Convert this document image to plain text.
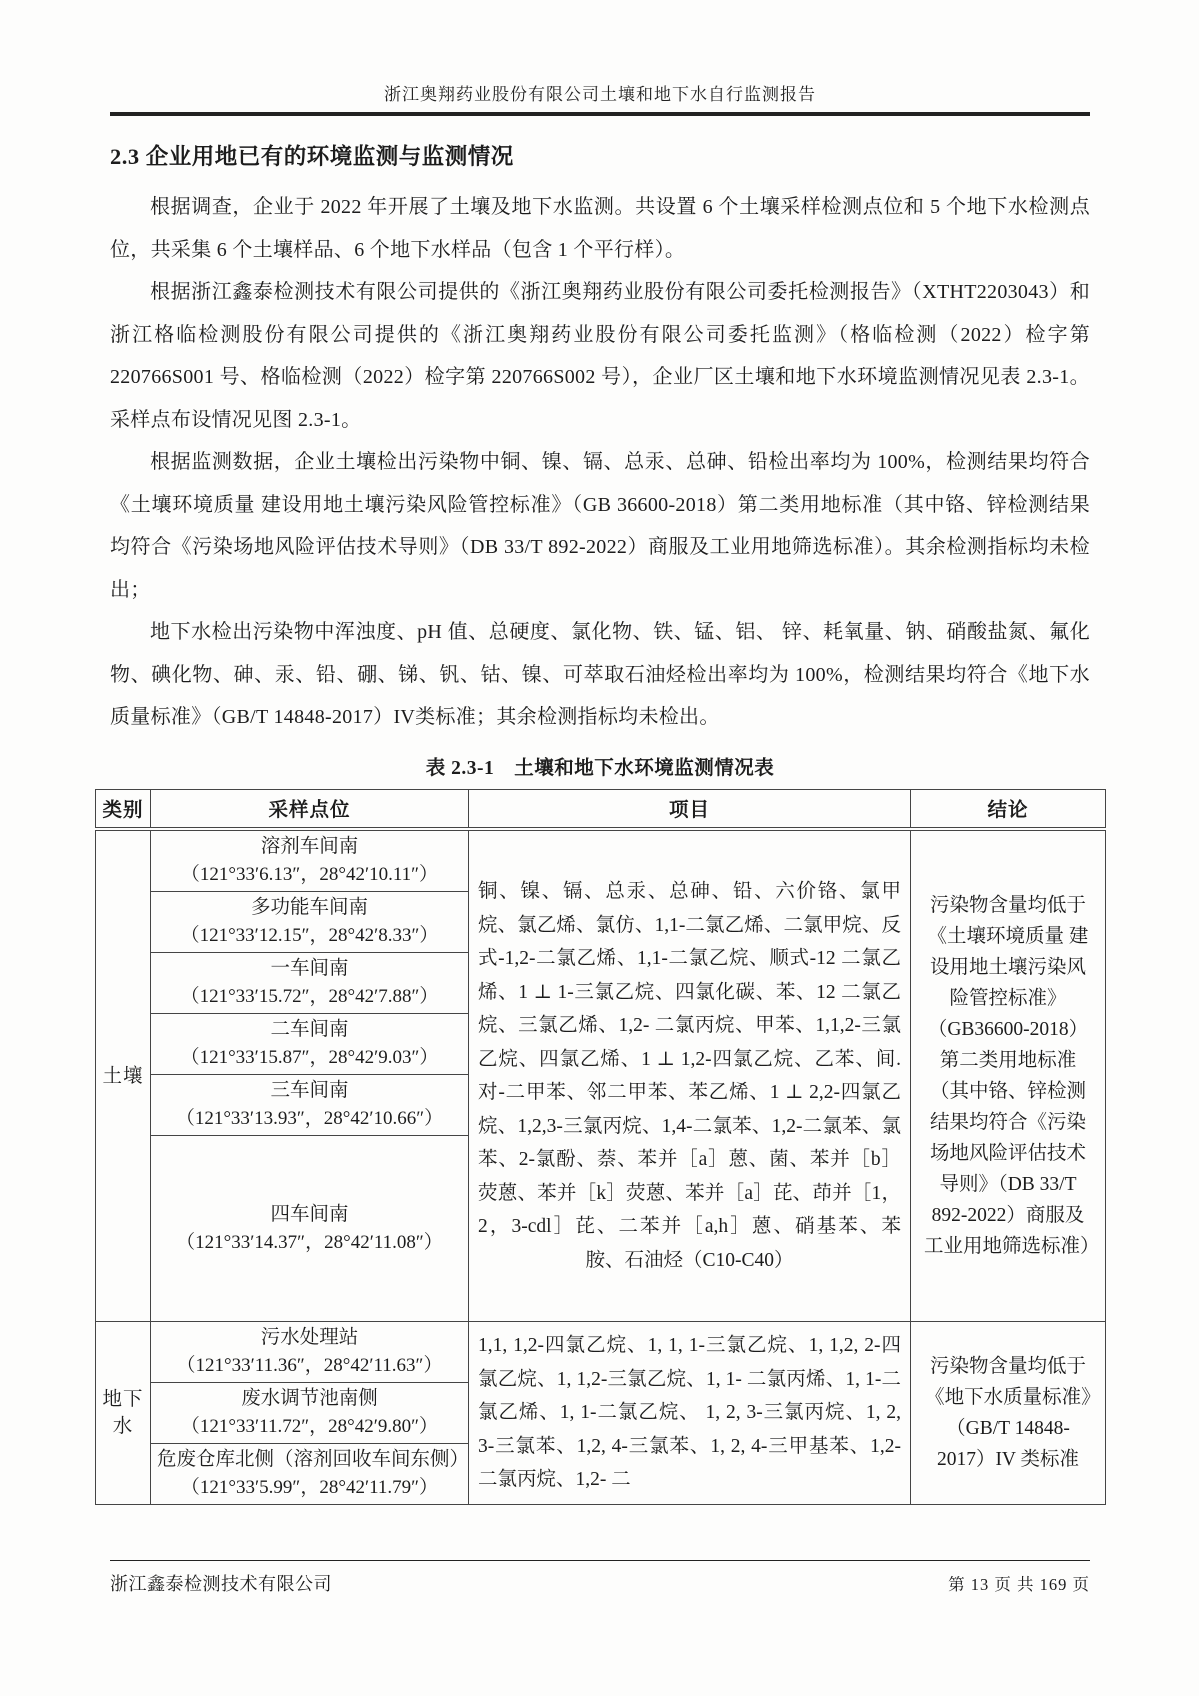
浙江奥翔药业股份有限公司土壤和地下水自行监测报告
2.3 企业用地已有的环境监测与监测情况

根据调查，企业于 2022 年开展了土壤及地下水监测。共设置 6 个土壤采样检测点位和 5 个地下水检测点位，共采集 6 个土壤样品、6 个地下水样品（包含 1 个平行样）。

根据浙江鑫泰检测技术有限公司提供的《浙江奥翔药业股份有限公司委托检测报告》（XTHT2203043）和浙江格临检测股份有限公司提供的《浙江奥翔药业股份有限公司委托监测》（格临检测（2022）检字第 220766S001 号、格临检测（2022）检字第 220766S002 号），企业厂区土壤和地下水环境监测情况见表 2.3-1。采样点布设情况见图 2.3-1。

根据监测数据，企业土壤检出污染物中铜、镍、镉、总汞、总砷、铅检出率均为 100%，检测结果均符合《土壤环境质量 建设用地土壤污染风险管控标准》（GB 36600-2018）第二类用地标准（其中铬、锌检测结果均符合《污染场地风险评估技术导则》（DB 33/T 892-2022）商服及工业用地筛选标准）。其余检测指标均未检出；

地下水检出污染物中浑浊度、pH 值、总硬度、氯化物、铁、锰、铝、 锌、耗氧量、钠、硝酸盐氮、氟化物、碘化物、砷、汞、铅、硼、锑、钒、钴、镍、可萃取石油烃检出率均为 100%，检测结果均符合《地下水质量标准》（GB/T 14848-2017）IV类标准；其余检测指标均未检出。

表 2.3-1　土壤和地下水环境监测情况表
类别	采样点位	项目	结论
土壤	溶剂车间南
（121°33′6.13″，28°42′10.11″）	铜、镍、镉、总汞、总砷、铅、六价铬、氯甲烷、氯乙烯、氯仿、1,1-二氯乙烯、二氯甲烷、反式-1,2-二氯乙烯、1,1-二氯乙烷、顺式-12 二氯乙烯、1 ⊥ 1-三氯乙烷、四氯化碳、苯、12 二氯乙烷、三氯乙烯、1,2- 二氯丙烷、甲苯、1,1,2-三氯乙烷、四氯乙烯、1 ⊥ 1,2-四氯乙烷、乙苯、间.对-二甲苯、邻二甲苯、苯乙烯、1 ⊥ 2,2-四氯乙烷、1,2,3-三氯丙烷、1,4-二氯苯、1,2-二氯苯、氯苯、2-氯酚、萘、苯并［a］蒽、菌、苯并［b］荧蒽、苯并［k］荧蒽、苯并［a］芘、茚并［1，2，3-cdl］芘、二苯并［a,h］蒽、硝基苯、苯胺、石油烃（C10-C40）	污染物含量均低于《土壤环境质量 建设用地土壤污染风险管控标准》（GB36600-2018）第二类用地标准（其中铬、锌检测结果均符合《污染场地风险评估技术导则》（DB 33/T 892-2022）商服及工业用地筛选标准）

	多功能车间南
（121°33′12.15″，28°42′8.33″）		

	一车间南
（121°33′15.72″，28°42′7.88″）		

	二车间南
（121°33′15.87″，28°42′9.03″）		

	三车间南
（121°33′13.93″，28°42′10.66″）		

	四车间南
（121°33′14.37″，28°42′11.08″）		

地下水	污水处理站
（121°33′11.36″，28°42′11.63″）	1,1, 1,2-四氯乙烷、1, 1, 1-三氯乙烷、1, 1,2, 2-四氯乙烷、1, 1,2-三氯乙烷、1, 1- 二氯丙烯、1, 1-二氯乙烯、1, 1-二氯乙烷、 1, 2, 3-三氯丙烷、1, 2, 3-三氯苯、1,2, 4-三氯苯、1, 2, 4-三甲基苯、1,2-二氯丙烷、1,2- 二	污染物含量均低于《地下水质量标准》（GB/T 14848-2017）IV 类标准

	废水调节池南侧
（121°33′11.72″，28°42′9.80″）		

	危废仓库北侧（溶剂回收车间东侧）
（121°33′5.99″，28°42′11.79″）		
浙江鑫泰检测技术有限公司	第 13 页 共 169 页
